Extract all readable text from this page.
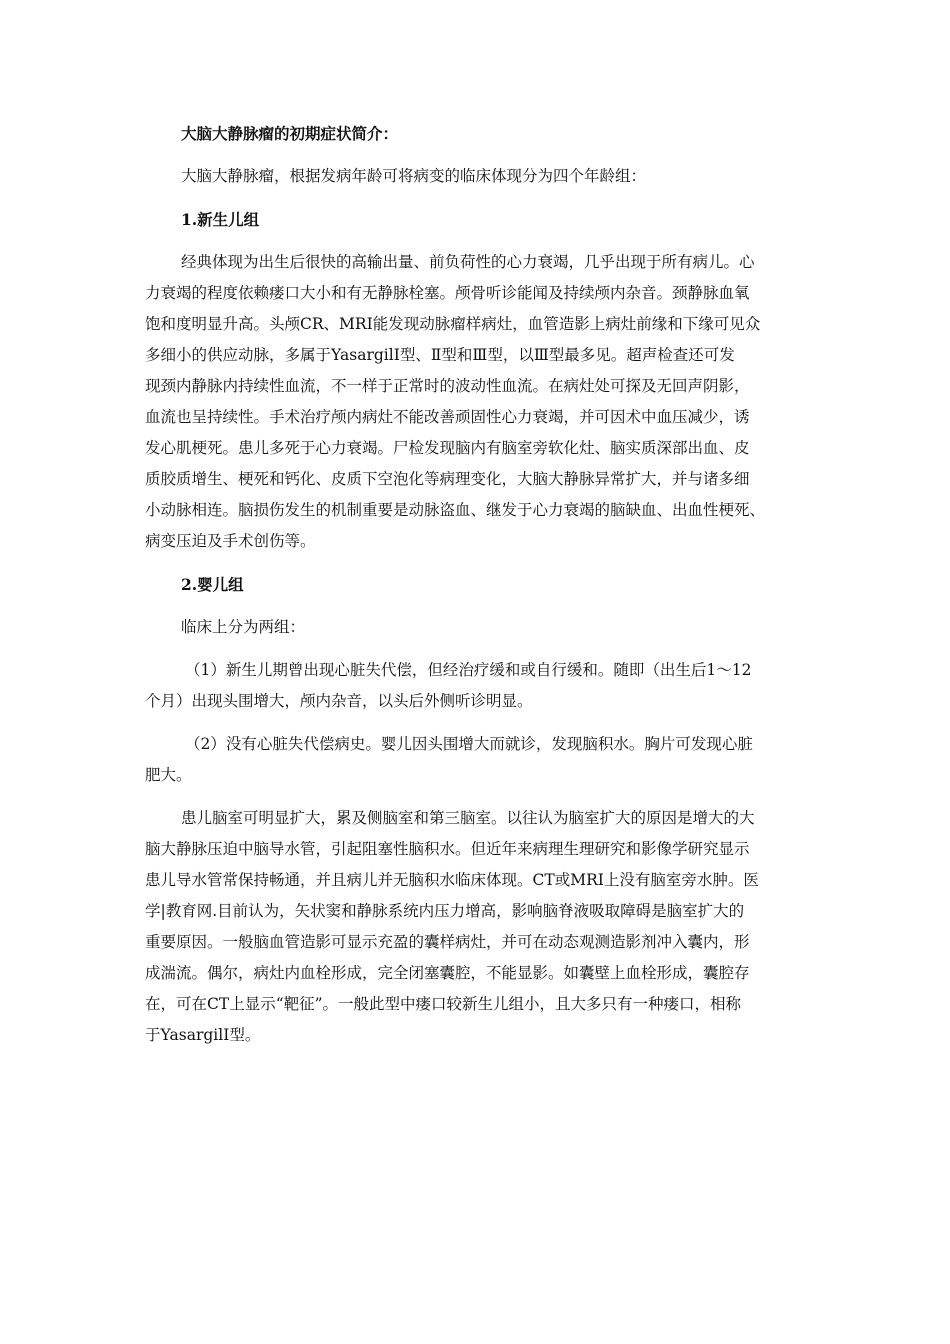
大脑大静脉瘤的初期症状简介：

大脑大静脉瘤，根据发病年龄可将病变的临床体现分为四个年龄组：

1.新生儿组

经典体现为出生后很快的高输出量、前负荷性的心力衰竭，几乎出现于所有病儿。心

力衰竭的程度依赖瘘口大小和有无静脉栓塞。颅骨听诊能闻及持续颅内杂音。颈静脉血氧

饱和度明显升高。头颅CR、MRI能发现动脉瘤样病灶，血管造影上病灶前缘和下缘可见众

多细小的供应动脉，多属于YasargilⅠ型、Ⅱ型和Ⅲ型，以Ⅲ型最多见。超声检查还可发

现颈内静脉内持续性血流，不一样于正常时的波动性血流。在病灶处可探及无回声阴影，

血流也呈持续性。手术治疗颅内病灶不能改善顽固性心力衰竭，并可因术中血压减少，诱

发心肌梗死。患儿多死于心力衰竭。尸检发现脑内有脑室旁软化灶、脑实质深部出血、皮

质胶质增生、梗死和钙化、皮质下空泡化等病理变化，大脑大静脉异常扩大，并与诸多细

小动脉相连。脑损伤发生的机制重要是动脉盗血、继发于心力衰竭的脑缺血、出血性梗死、

病变压迫及手术创伤等。

2.婴儿组

临床上分为两组：

（1）新生儿期曾出现心脏失代偿，但经治疗缓和或自行缓和。随即（出生后1～12

个月）出现头围增大，颅内杂音，以头后外侧听诊明显。

（2）没有心脏失代偿病史。婴儿因头围增大而就诊，发现脑积水。胸片可发现心脏

肥大。

患儿脑室可明显扩大，累及侧脑室和第三脑室。以往认为脑室扩大的原因是增大的大

脑大静脉压迫中脑导水管，引起阻塞性脑积水。但近年来病理生理研究和影像学研究显示

患儿导水管常保持畅通，并且病儿并无脑积水临床体现。CT或MRI上没有脑室旁水肿。医

学|教育网.目前认为，矢状窦和静脉系统内压力增高，影响脑脊液吸取障碍是脑室扩大的

重要原因。一般脑血管造影可显示充盈的囊样病灶，并可在动态观测造影剂冲入囊内，形

成湍流。偶尔，病灶内血栓形成，完全闭塞囊腔，不能显影。如囊壁上血栓形成，囊腔存

在，可在CT上显示“靶征”。一般此型中瘘口较新生儿组小，且大多只有一种瘘口，相称

于YasargilⅠ型。
